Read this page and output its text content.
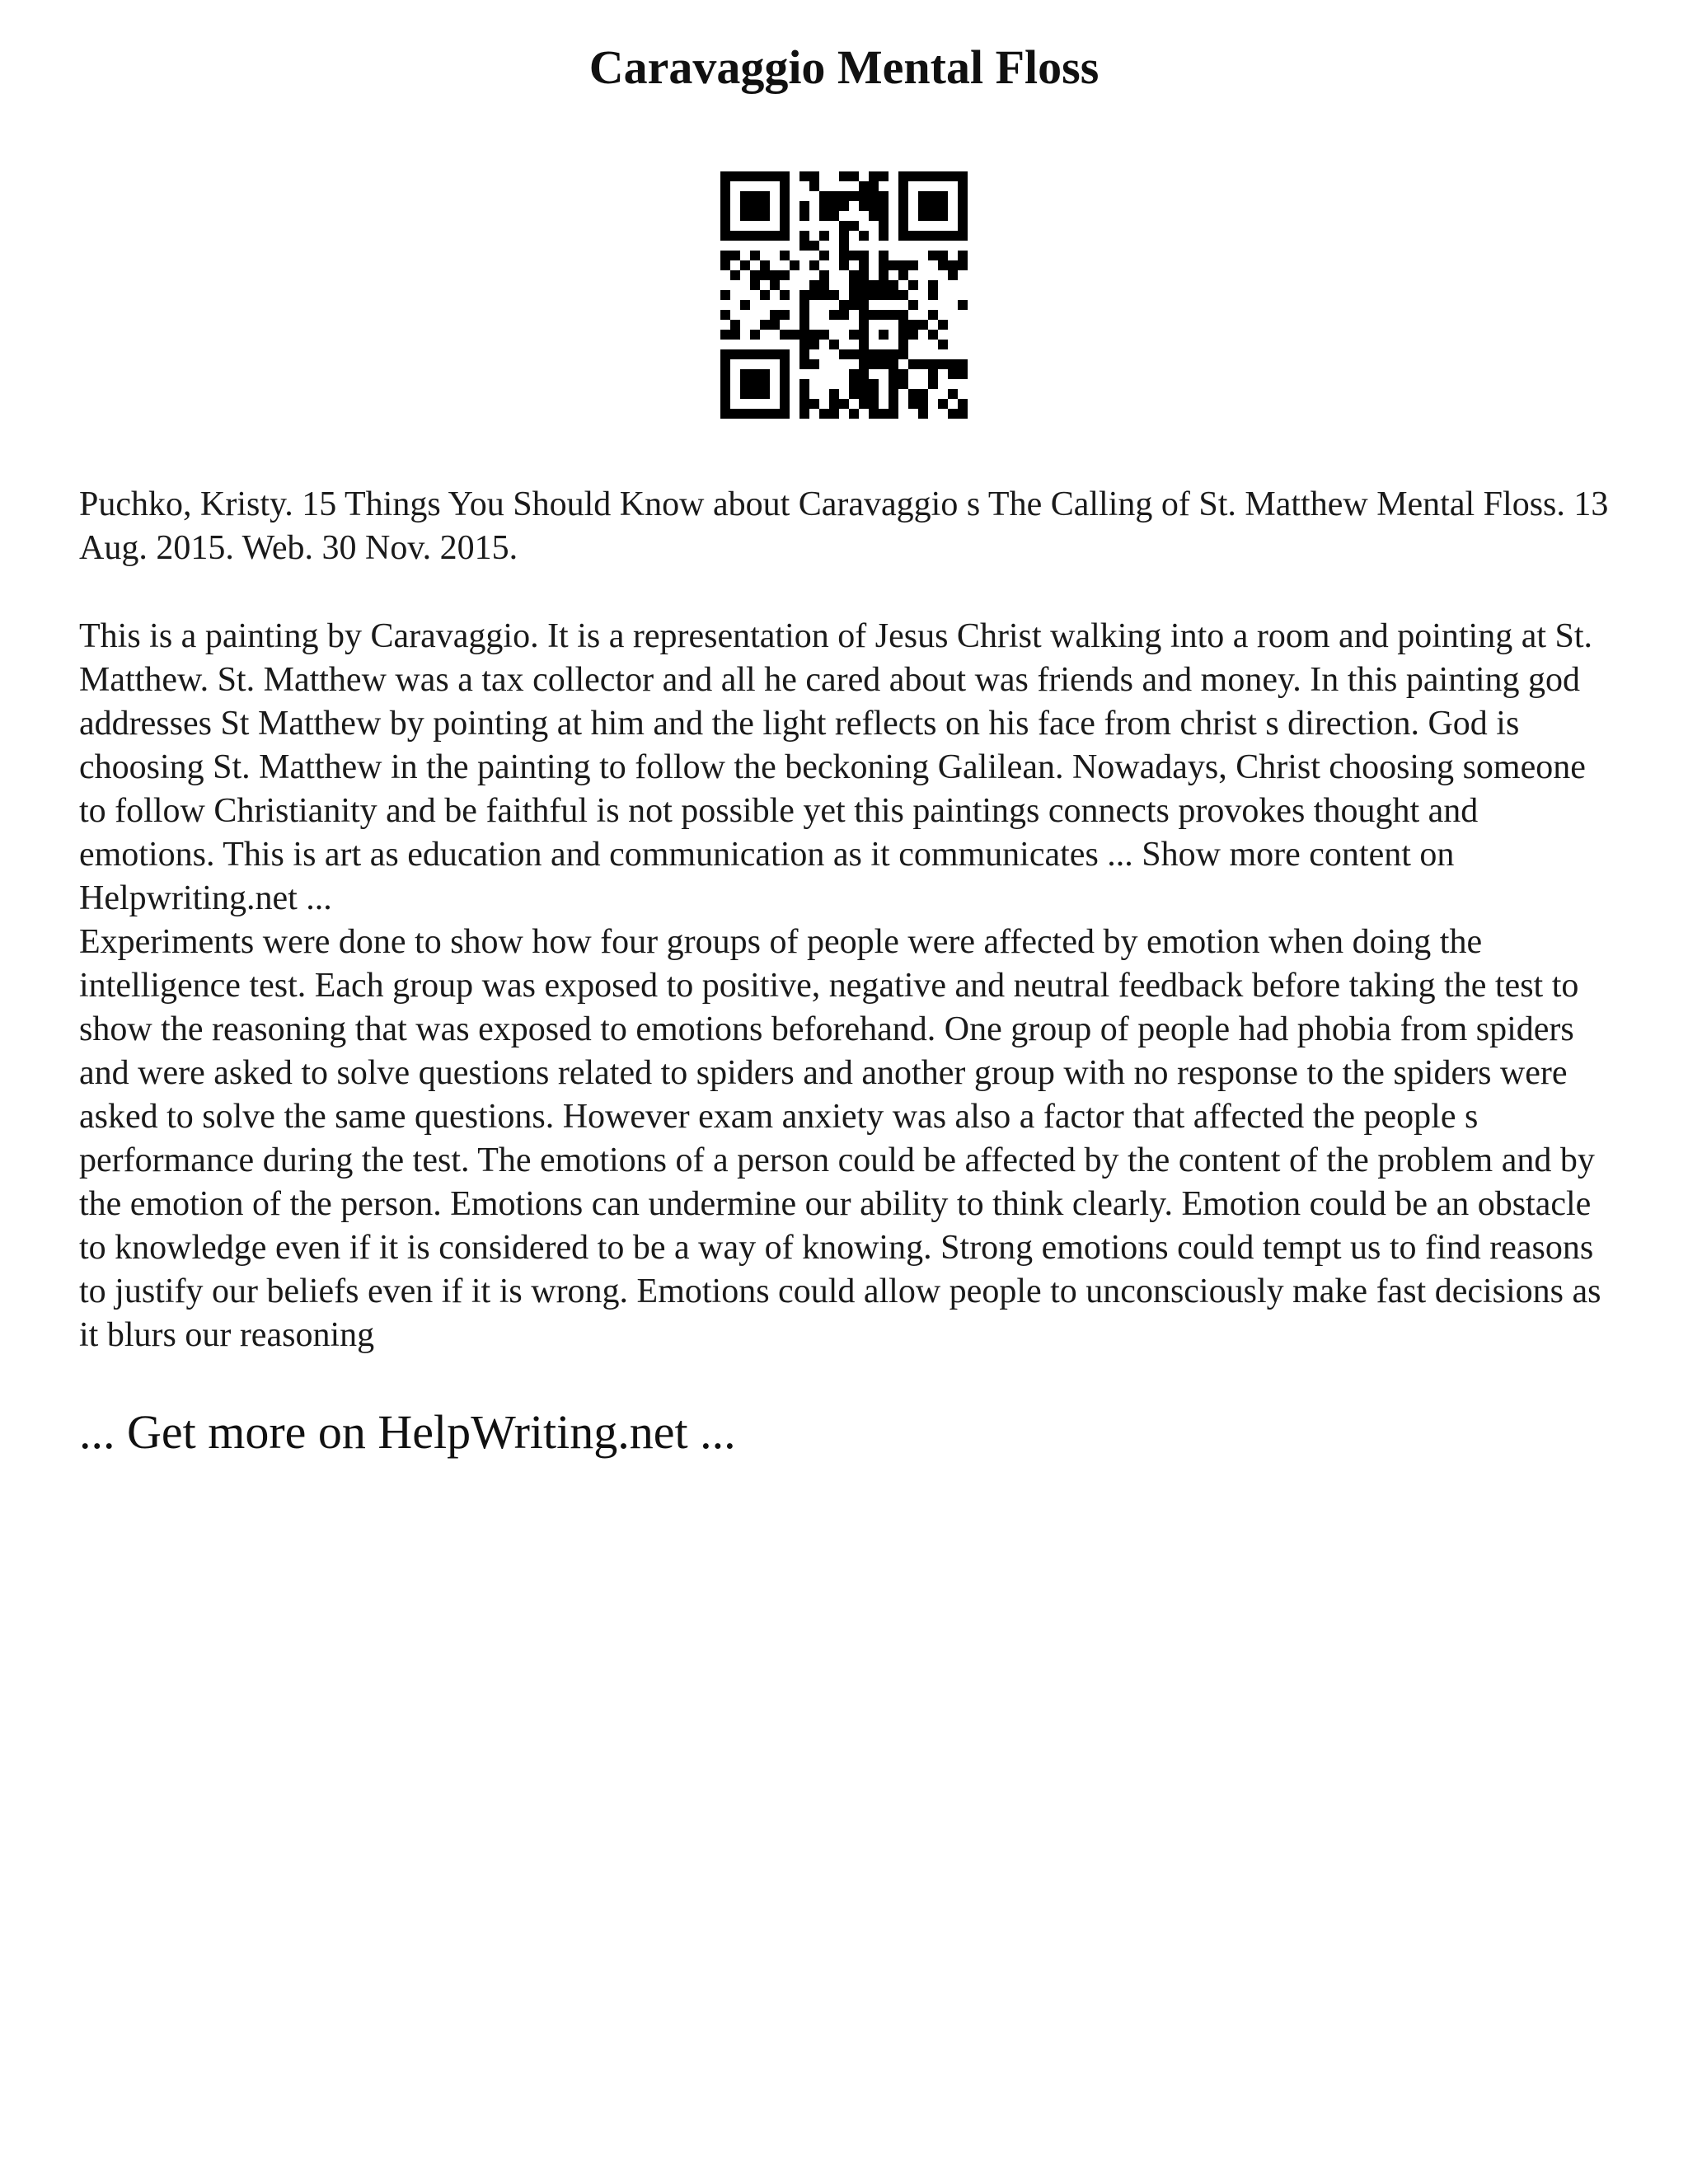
Caravaggio Mental Floss

Puchko, Kristy. 15 Things You Should Know about Caravaggio s The Calling of St. Matthew Mental Floss. 13 Aug. 2015. Web. 30 Nov. 2015.

This is a painting by Caravaggio. It is a representation of Jesus Christ walking into a room and pointing at St. Matthew. St. Matthew was a tax collector and all he cared about was friends and money. In this painting god addresses St Matthew by pointing at him and the light reflects on his face from christ s direction. God is choosing St. Matthew in the painting to follow the beckoning Galilean. Nowadays, Christ choosing someone to follow Christianity and be faithful is not possible yet this paintings connects provokes thought and emotions. This is art as education and communication as it communicates ... Show more content on Helpwriting.net ...
Experiments were done to show how four groups of people were affected by emotion when doing the intelligence test. Each group was exposed to positive, negative and neutral feedback before taking the test to show the reasoning that was exposed to emotions beforehand. One group of people had phobia from spiders and were asked to solve questions related to spiders and another group with no response to the spiders were asked to solve the same questions. However exam anxiety was also a factor that affected the people s performance during the test. The emotions of a person could be affected by the content of the problem and by the emotion of the person. Emotions can undermine our ability to think clearly. Emotion could be an obstacle to knowledge even if it is considered to be a way of knowing. Strong emotions could tempt us to find reasons to justify our beliefs even if it is wrong. Emotions could allow people to unconsciously make fast decisions as it blurs our reasoning

... Get more on HelpWriting.net ...
